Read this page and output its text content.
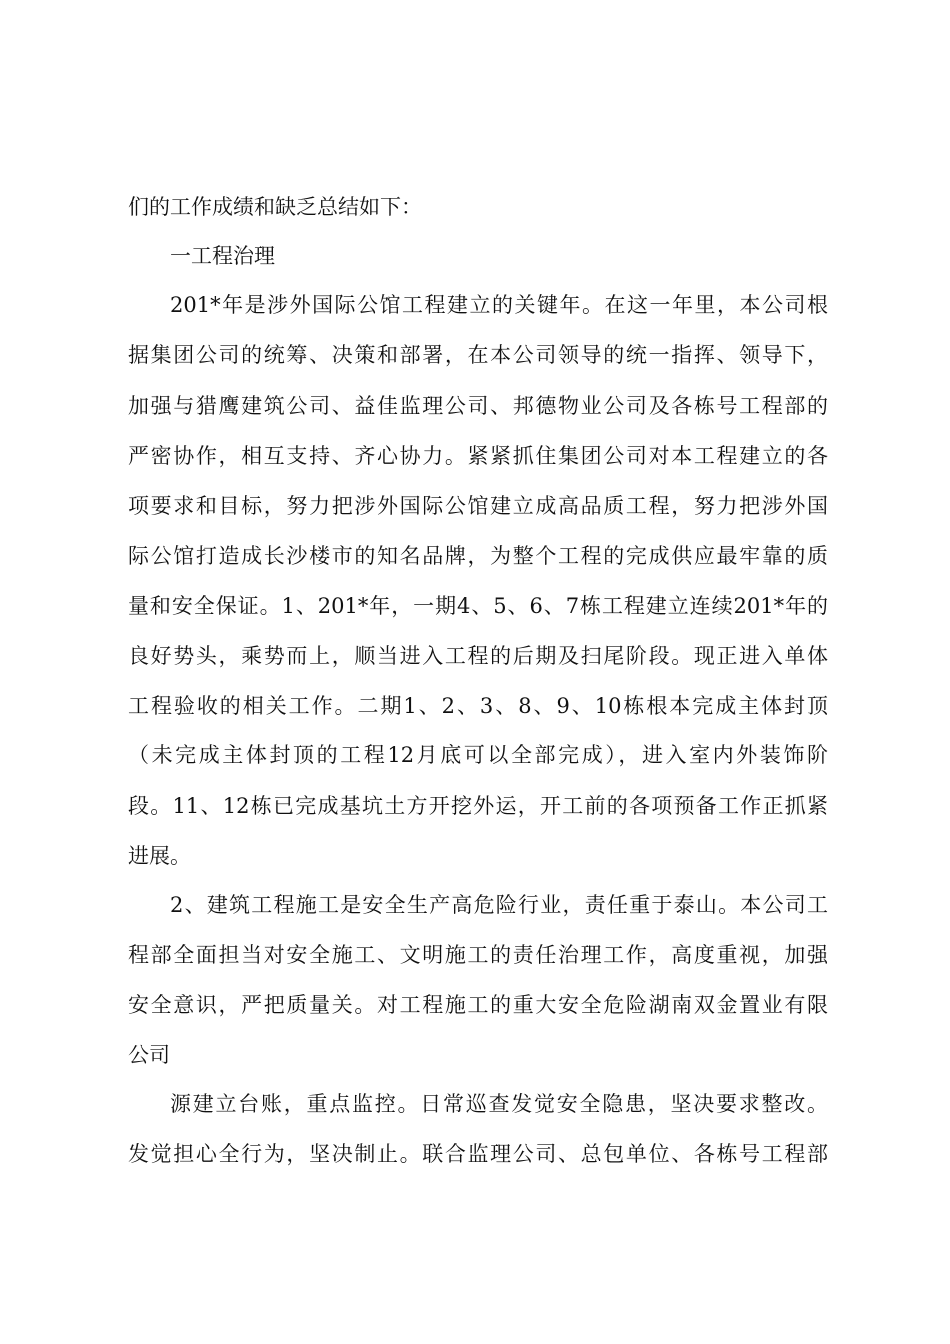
们的工作成绩和缺乏总结如下：
一工程治理
201*年是涉外国际公馆工程建立的关键年。在这一年里，本公司根
据集团公司的统筹、决策和部署，在本公司领导的统一指挥、领导下，
加强与猎鹰建筑公司、益佳监理公司、邦德物业公司及各栋号工程部的
严密协作，相互支持、齐心协力。紧紧抓住集团公司对本工程建立的各
项要求和目标，努力把涉外国际公馆建立成高品质工程，努力把涉外国
际公馆打造成长沙楼市的知名品牌，为整个工程的完成供应最牢靠的质
量和安全保证。1、201*年，一期4、5、6、7栋工程建立连续201*年的
良好势头，乘势而上，顺当进入工程的后期及扫尾阶段。现正进入单体
工程验收的相关工作。二期1、2、3、8、9、10栋根本完成主体封顶
（未完成主体封顶的工程12月底可以全部完成），进入室内外装饰阶
段。11、12栋已完成基坑土方开挖外运，开工前的各项预备工作正抓紧
进展。
2、建筑工程施工是安全生产高危险行业，责任重于泰山。本公司工
程部全面担当对安全施工、文明施工的责任治理工作，高度重视，加强
安全意识，严把质量关。对工程施工的重大安全危险湖南双金置业有限
公司
源建立台账，重点监控。日常巡查发觉安全隐患，坚决要求整改。
发觉担心全行为，坚决制止。联合监理公司、总包单位、各栋号工程部
